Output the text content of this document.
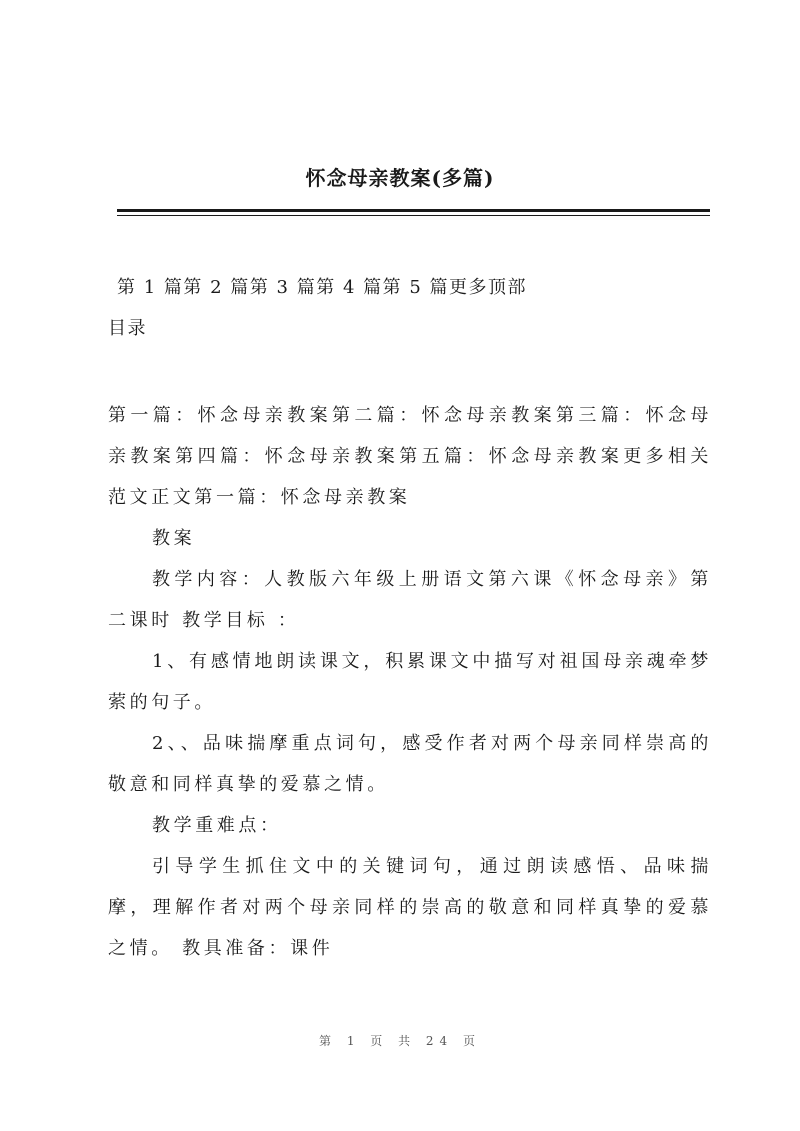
怀念母亲教案(多篇)
第 1 篇第 2 篇第 3 篇第 4 篇第 5 篇更多顶部
目录

第一篇：怀念母亲教案第二篇：怀念母亲教案第三篇：怀念母亲教案第四篇：怀念母亲教案第五篇：怀念母亲教案更多相关范文正文第一篇：怀念母亲教案

教案

教学内容：人教版六年级上册语文第六课《怀念母亲》第二课时 教学目标 ：

1、有感情地朗读课文，积累课文中描写对祖国母亲魂牵梦萦的句子。

2、、品味揣摩重点词句，感受作者对两个母亲同样崇高的敬意和同样真挚的爱慕之情。

教学重难点：

引导学生抓住文中的关键词句，通过朗读感悟、品味揣摩，理解作者对两个母亲同样的崇高的敬意和同样真挚的爱慕之情。 教具准备：课件

第 1 页 共 24 页
